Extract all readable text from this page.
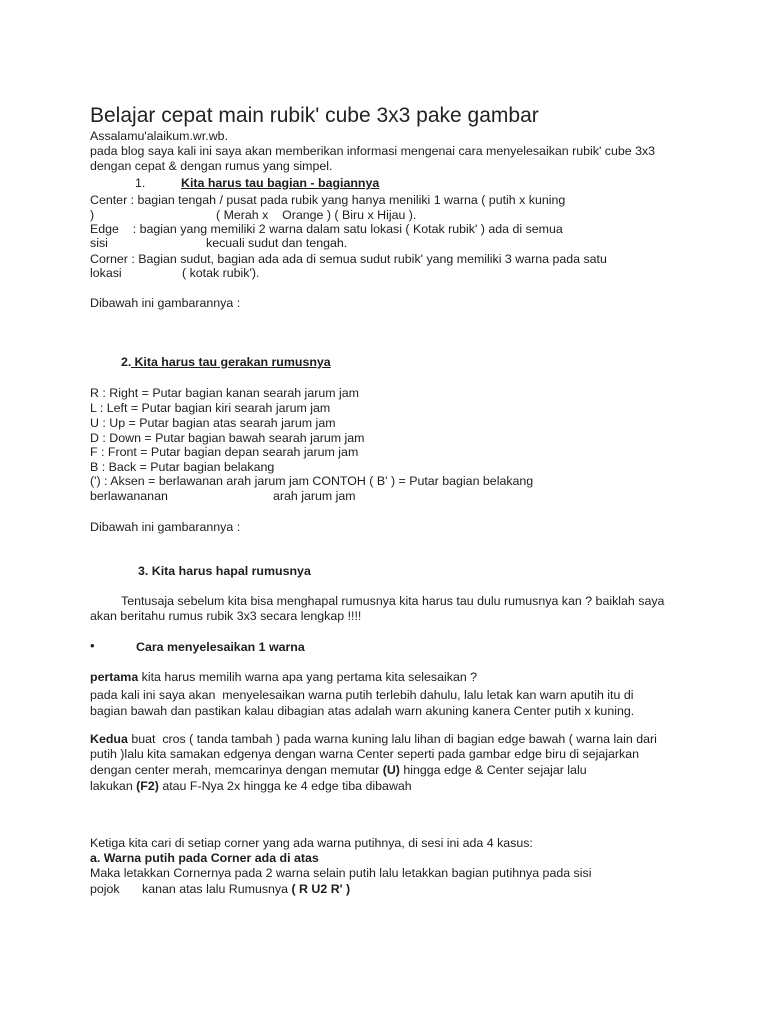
Belajar cepat main rubik' cube 3x3 pake gambar
Assalamu'alaikum.wr.wb.
pada blog saya kali ini saya akan memberikan informasi mengenai cara menyelesaikan rubik' cube 3x3
dengan cepat & dengan rumus yang simpel.
1.	Kita harus tau bagian - bagiannya
Center : bagian tengah / pusat pada rubik yang hanya meniliki 1 warna ( putih x kuning
)	( Merah x    Orange ) ( Biru x Hijau ).
Edge    : bagian yang memiliki 2 warna dalam satu lokasi ( Kotak rubik' ) ada di semua
sisi	kecuali sudut dan tengah.
Corner : Bagian sudut, bagian ada ada di semua sudut rubik' yang memiliki 3 warna pada satu
lokasi	( kotak rubik').
Dibawah ini gambarannya :
2. Kita harus tau gerakan rumusnya
R : Right = Putar bagian kanan searah jarum jam
L : Left = Putar bagian kiri searah jarum jam
U : Up = Putar bagian atas searah jarum jam
D : Down = Putar bagian bawah searah jarum jam
F : Front = Putar bagian depan searah jarum jam
B : Back = Putar bagian belakang
(') : Aksen = berlawanan arah jarum jam CONTOH ( B' ) = Putar bagian belakang
berlawananan	arah jarum jam
Dibawah ini gambarannya :
3. Kita harus hapal rumusnya
Tentusaja sebelum kita bisa menghapal rumusnya kita harus tau dulu rumusnya kan ? baiklah saya
akan beritahu rumus rubik 3x3 secara lengkap !!!!
•	Cara menyelesaikan 1 warna
pertama kita harus memilih warna apa yang pertama kita selesaikan ?
pada kali ini saya akan  menyelesaikan warna putih terlebih dahulu, lalu letak kan warn aputih itu di
bagian bawah dan pastikan kalau dibagian atas adalah warn akuning kanera Center putih x kuning.
Kedua buat  cros ( tanda tambah ) pada warna kuning lalu lihan di bagian edge bawah ( warna lain dari
putih )lalu kita samakan edgenya dengan warna Center seperti pada gambar edge biru di sejajarkan
dengan center merah, memcarinya dengan memutar (U) hingga edge & Center sejajar lalu
lakukan (F2) atau F-Nya 2x hingga ke 4 edge tiba dibawah
Ketiga kita cari di setiap corner yang ada warna putihnya, di sesi ini ada 4 kasus:
a. Warna putih pada Corner ada di atas
Maka letakkan Cornernya pada 2 warna selain putih lalu letakkan bagian putihnya pada sisi
pojok kanan atas lalu Rumusnya ( R U2 R' )
